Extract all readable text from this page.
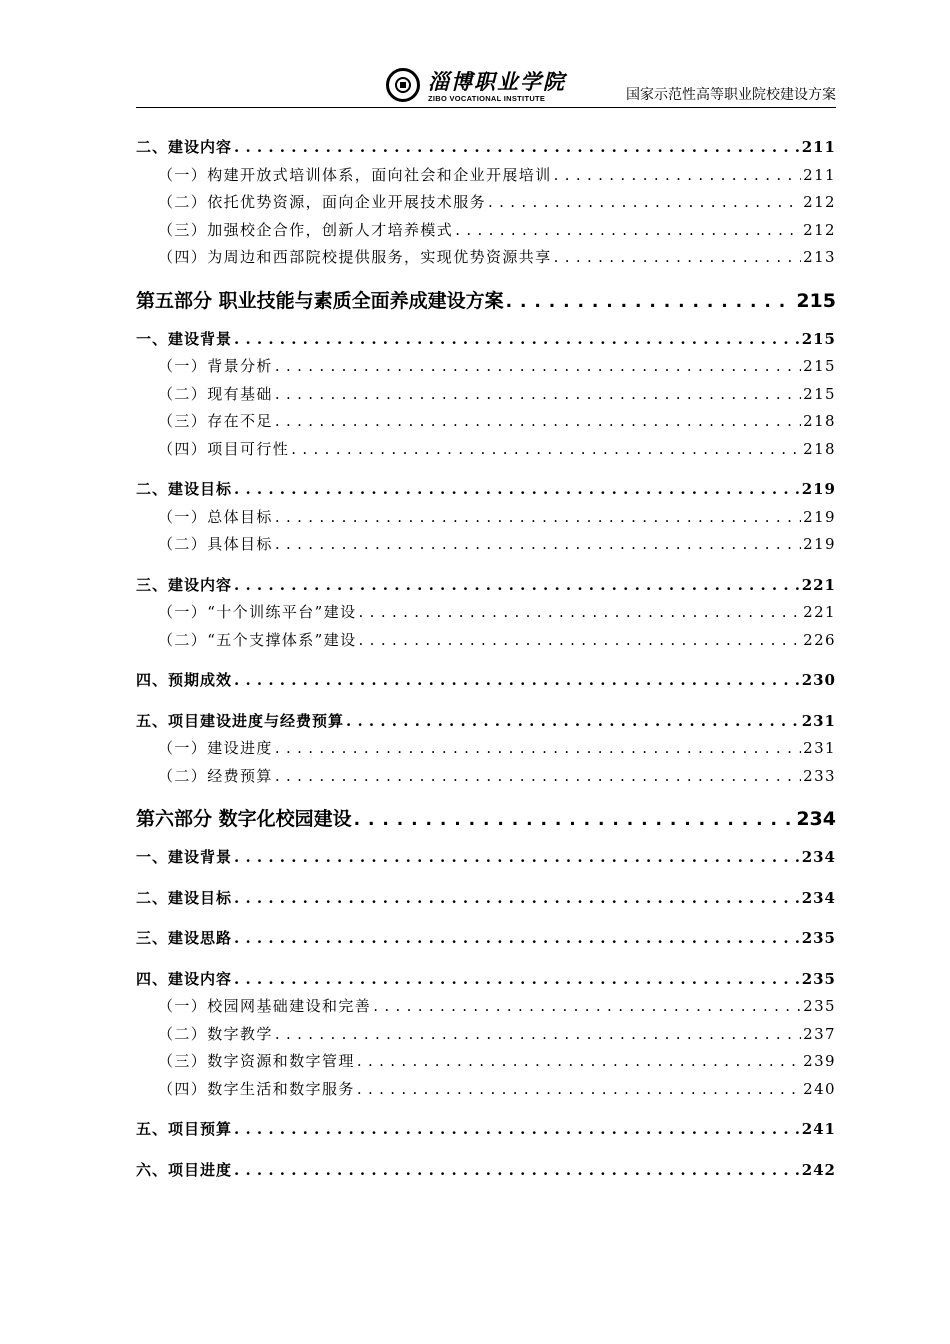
淄博职业学院
ZIBO VOCATIONAL INSTITUTE	国家示范性高等职业院校建设方案
二、建设内容 . . .	211
（一）构建开放式培训体系，面向社会和企业开展培训 . . .	211
（二）依托优势资源，面向企业开展技术服务 . . .	212
（三）加强校企合作，创新人才培养模式 . . .	212
（四）为周边和西部院校提供服务，实现优势资源共享 . . .	213
第五部分 职业技能与素质全面养成建设方案 . . .	215
一、建设背景 . . .	215
（一）背景分析 . . .	215
（二）现有基础 . . .	215
（三）存在不足 . . .	218
（四）项目可行性 . . .	218
二、建设目标 . . .	219
（一）总体目标 . . .	219
（二）具体目标 . . .	219
三、建设内容 . . .	221
（一）“十个训练平台”建设 . . .	221
（二）“五个支撑体系”建设 . . .	226
四、预期成效 . . .	230
五、项目建设进度与经费预算 . . .	231
（一）建设进度 . . .	231
（二）经费预算 . . .	233
第六部分 数字化校园建设 . . .	234
一、建设背景 . . .	234
二、建设目标 . . .	234
三、建设思路 . . .	235
四、建设内容 . . .	235
（一）校园网基础建设和完善 . . .	235
（二）数字教学 . . .	237
（三）数字资源和数字管理 . . .	239
（四）数字生活和数字服务 . . .	240
五、项目预算 . . .	241
六、项目进度 . . .	242
